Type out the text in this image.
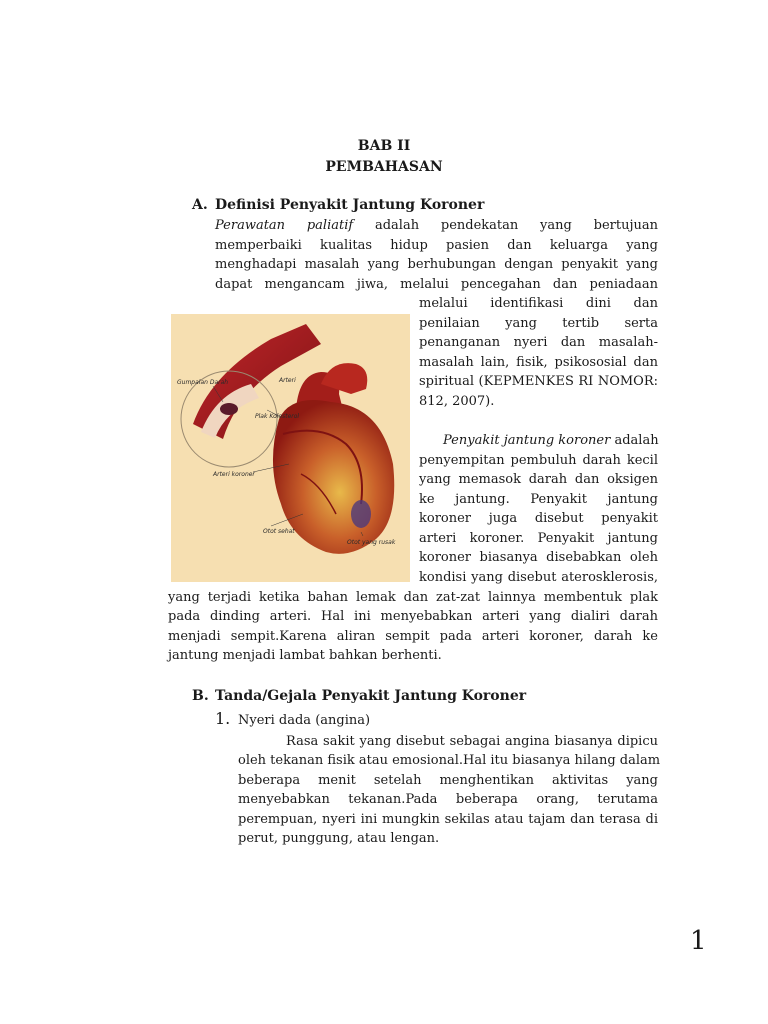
BAB II
PEMBAHASAN
A. Definisi Penyakit Jantung Koroner
Perawatan paliatif adalah pendekatan yang bertujuan
memperbaiki kualitas hidup pasien dan keluarga yang
menghadapi masalah yang berhubungan dengan penyakit yang
dapat mengancam jiwa, melalui pencegahan dan peniadaan
melalui identifikasi dini dan
penilaian yang tertib serta
penanganan nyeri dan masalah-
masalah lain, fisik, psikososial dan
spiritual (KEPMENKES RI NOMOR:
812, 2007).
Penyakit jantung koroner adalah
penyempitan pembuluh darah kecil
yang memasok darah dan oksigen
ke jantung. Penyakit jantung
koroner juga disebut penyakit
arteri koroner. Penyakit jantung
koroner biasanya disebabkan oleh
kondisi yang disebut aterosklerosis,
yang terjadi ketika bahan lemak dan zat-zat lainnya membentuk plak
pada dinding arteri. Hal ini menyebabkan arteri yang dialiri darah
menjadi sempit.Karena aliran sempit pada arteri koroner, darah ke
jantung menjadi lambat bahkan berhenti.
Gumpalan Darah	Arteri
Plak Kolesterol
Arteri koroner
Otot sehat
Otot yang rusak
B. Tanda/Gejala Penyakit Jantung Koroner
1. Nyeri dada (angina)
Rasa sakit yang disebut sebagai angina biasanya dipicu
oleh tekanan fisik atau emosional.Hal itu biasanya hilang dalam
beberapa menit setelah menghentikan aktivitas yang
menyebabkan tekanan.Pada beberapa orang, terutama
perempuan, nyeri ini mungkin sekilas atau tajam dan terasa di
perut, punggung, atau lengan.
1
